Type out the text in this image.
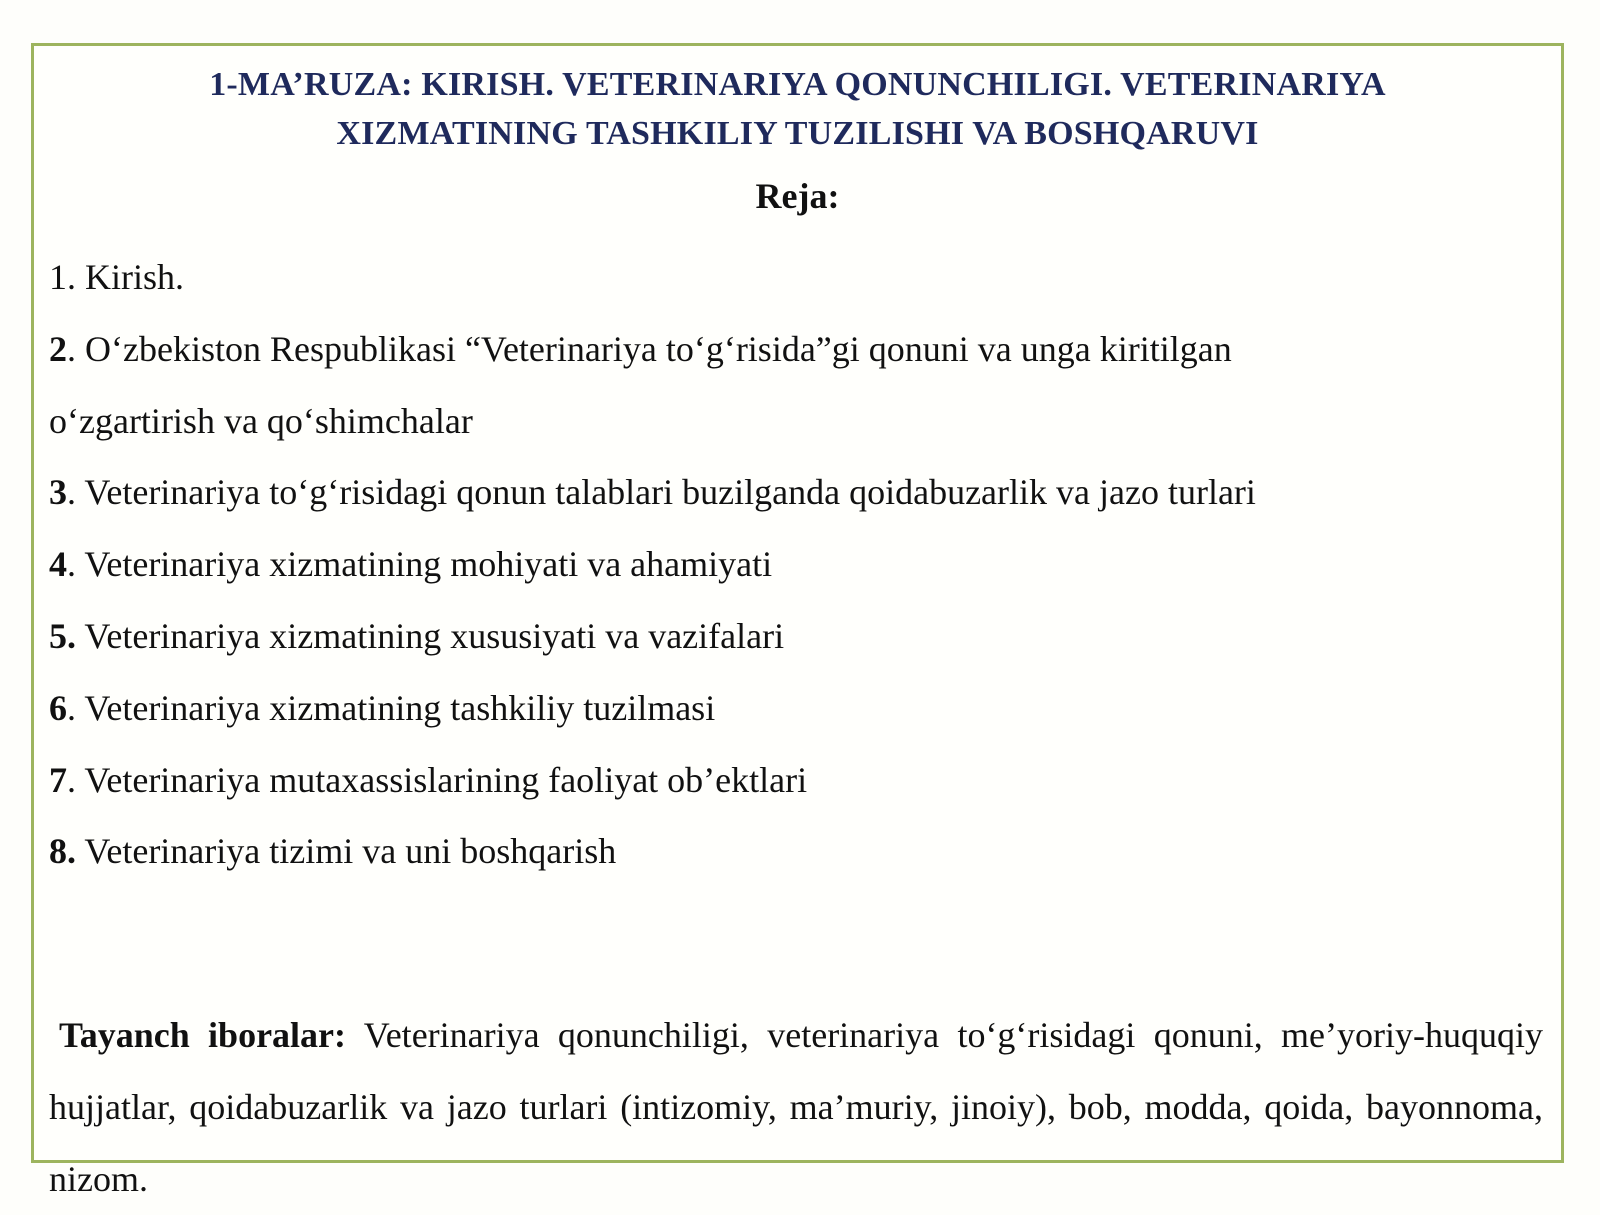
1-MA’RUZA: KIRISH. VETERINARIYA QONUNCHILIGI. VETERINARIYA
XIZMATINING TASHKILIY TUZILISHI VA BOSHQARUVI
Reja:
1. Kirish.
2. O‘zbekiston Respublikasi “Veterinariya to‘g‘risida”gi qonuni va unga kiritilgan
o‘zgartirish va qo‘shimchalar
3. Veterinariya to‘g‘risidagi qonun talablari buzilganda qoidabuzarlik va jazo turlari
4. Veterinariya xizmatining mohiyati va ahamiyati
5. Veterinariya xizmatining xususiyati va vazifalari
6. Veterinariya xizmatining tashkiliy tuzilmasi
7. Veterinariya mutaxassislarining faoliyat ob’ektlari
8. Veterinariya tizimi va uni boshqarish

Tayanch iboralar: Veterinariya qonunchiligi, veterinariya to‘g‘risidagi qonuni, me’yoriy-huquqiy hujjatlar, qoidabuzarlik va jazo turlari (intizomiy, ma’muriy, jinoiy), bob, modda, qoida, bayonnoma, nizom.
